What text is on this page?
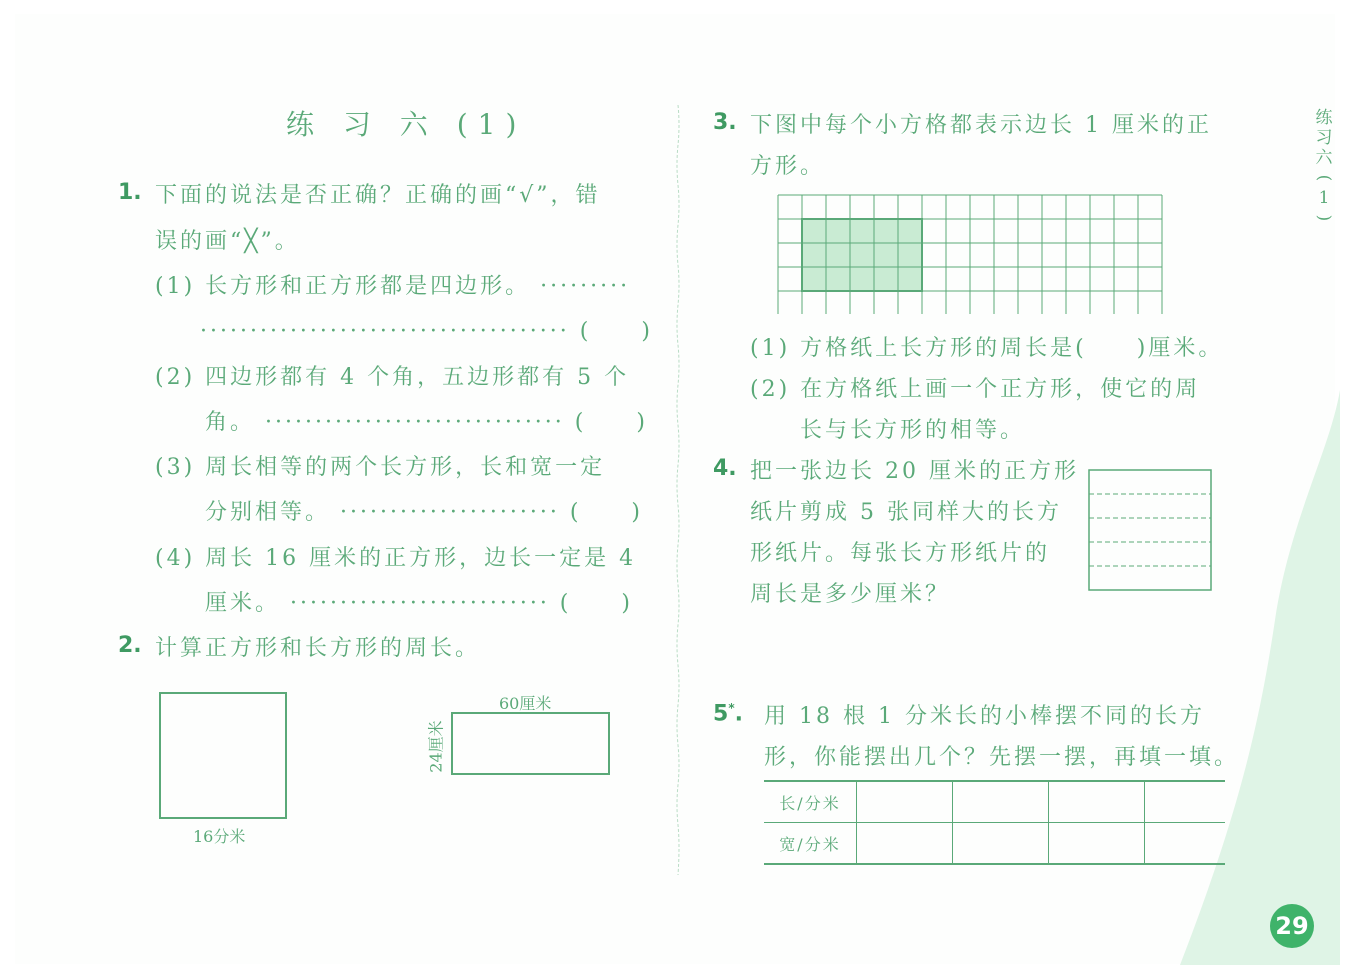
练 习 六 (1)
1. 下面的说法是否正确？正确的画“√”，错
误的画“╳”。
(1) 长方形和正方形都是四边形。 ·········
····································· (　　)
(2) 四边形都有 4 个角，五边形都有 5 个
角。 ······························ (　　)
(3) 周长相等的两个长方形，长和宽一定
分别相等。 ······················ (　　)
(4) 周长 16 厘米的正方形，边长一定是 4
厘米。 ·························· (　　)
2. 计算正方形和长方形的周长。
16分米
60厘米
24厘米
3. 下图中每个小方格都表示边长 1 厘米的正
方形。
(1) 方格纸上长方形的周长是(　　)厘米。
(2) 在方格纸上画一个正方形，使它的周
长与长方形的相等。
4. 把一张边长 20 厘米的正方形
纸片剪成 5 张同样大的长方
形纸片。每张长方形纸片的
周长是多少厘米？
5*. 用 18 根 1 分米长的小棒摆不同的长方
形，你能摆出几个？先摆一摆，再填一填。
长/分米				
宽/分米				
练
习
六
(
1
)
29
